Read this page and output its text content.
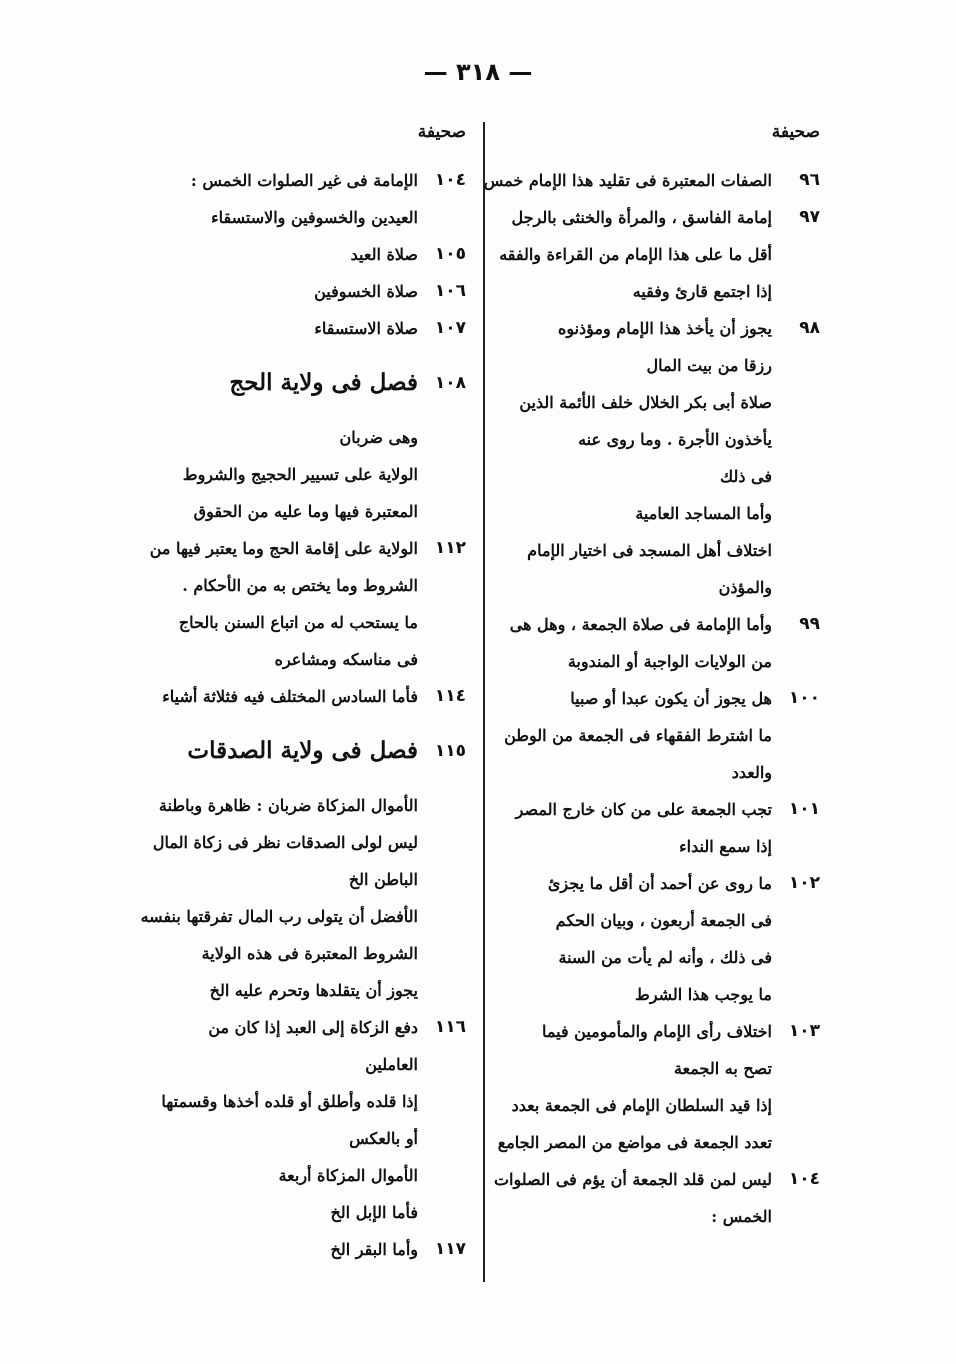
— ٣١٨ —
صحيفة
٩٦
الصفات المعتبرة فى تقليد هذا الإمام خمس
٩٧
إمامة الفاسق ، والمرأة والخنثى بالرجل
أقل ما على هذا الإمام من القراءة والفقه
إذا اجتمع قارئ وفقيه
٩٨
يجوز أن يأخذ هذا الإمام ومؤذنوه
رزقا من بيت المال
صلاة أبى بكر الخلال خلف الأئمة الذين
يأخذون الأجرة . وما روى عنه
فى ذلك
وأما المساجد العامية
اختلاف أهل المسجد فى اختيار الإمام
والمؤذن
٩٩
وأما الإمامة فى صلاة الجمعة ، وهل هى
من الولايات الواجبة أو المندوبة
١٠٠
هل يجوز أن يكون عبدا أو صبيا
ما اشترط الفقهاء فى الجمعة من الوطن
والعدد
١٠١
تجب الجمعة على من كان خارج المصر
إذا سمع النداء
١٠٢
ما روى عن أحمد أن أقل ما يجزئ
فى الجمعة أربعون ، وبيان الحكم
فى ذلك ، وأنه لم يأت من السنة
ما يوجب هذا الشرط
١٠٣
اختلاف رأى الإمام والمأمومين فيما
تصح به الجمعة
إذا قيد السلطان الإمام فى الجمعة بعدد
تعدد الجمعة فى مواضع من المصر الجامع
١٠٤
ليس لمن قلد الجمعة أن يؤم فى الصلوات
الخمس :
صحيفة
١٠٤
الإمامة فى غير الصلوات الخمس :
العيدين والخسوفين والاستسقاء
١٠٥
صلاة العيد
١٠٦
صلاة الخسوفين
١٠٧
صلاة الاستسقاء
١٠٨
فصل فى ولاية الحج
وهى ضربان
الولاية على تسيير الحجيج والشروط
المعتبرة فيها وما عليه من الحقوق
١١٢
الولاية على إقامة الحج وما يعتبر فيها من
الشروط وما يختص به من الأحكام .
ما يستحب له من اتباع السنن بالحاج
فى مناسكه ومشاعره
١١٤
فأما السادس المختلف فيه فثلاثة أشياء
١١٥
فصل فى ولاية الصدقات
الأموال المزكاة ضربان : ظاهرة وباطنة
ليس لولى الصدقات نظر فى زكاة المال
الباطن الخ
الأفضل أن يتولى رب المال تفرقتها بنفسه
الشروط المعتبرة فى هذه الولاية
يجوز أن يتقلدها وتحرم عليه الخ
١١٦
دفع الزكاة إلى العبد إذا كان من
العاملين
إذا قلده وأطلق أو قلده أخذها وقسمتها
أو بالعكس
الأموال المزكاة أربعة
فأما الإبل الخ
١١٧
وأما البقر الخ
